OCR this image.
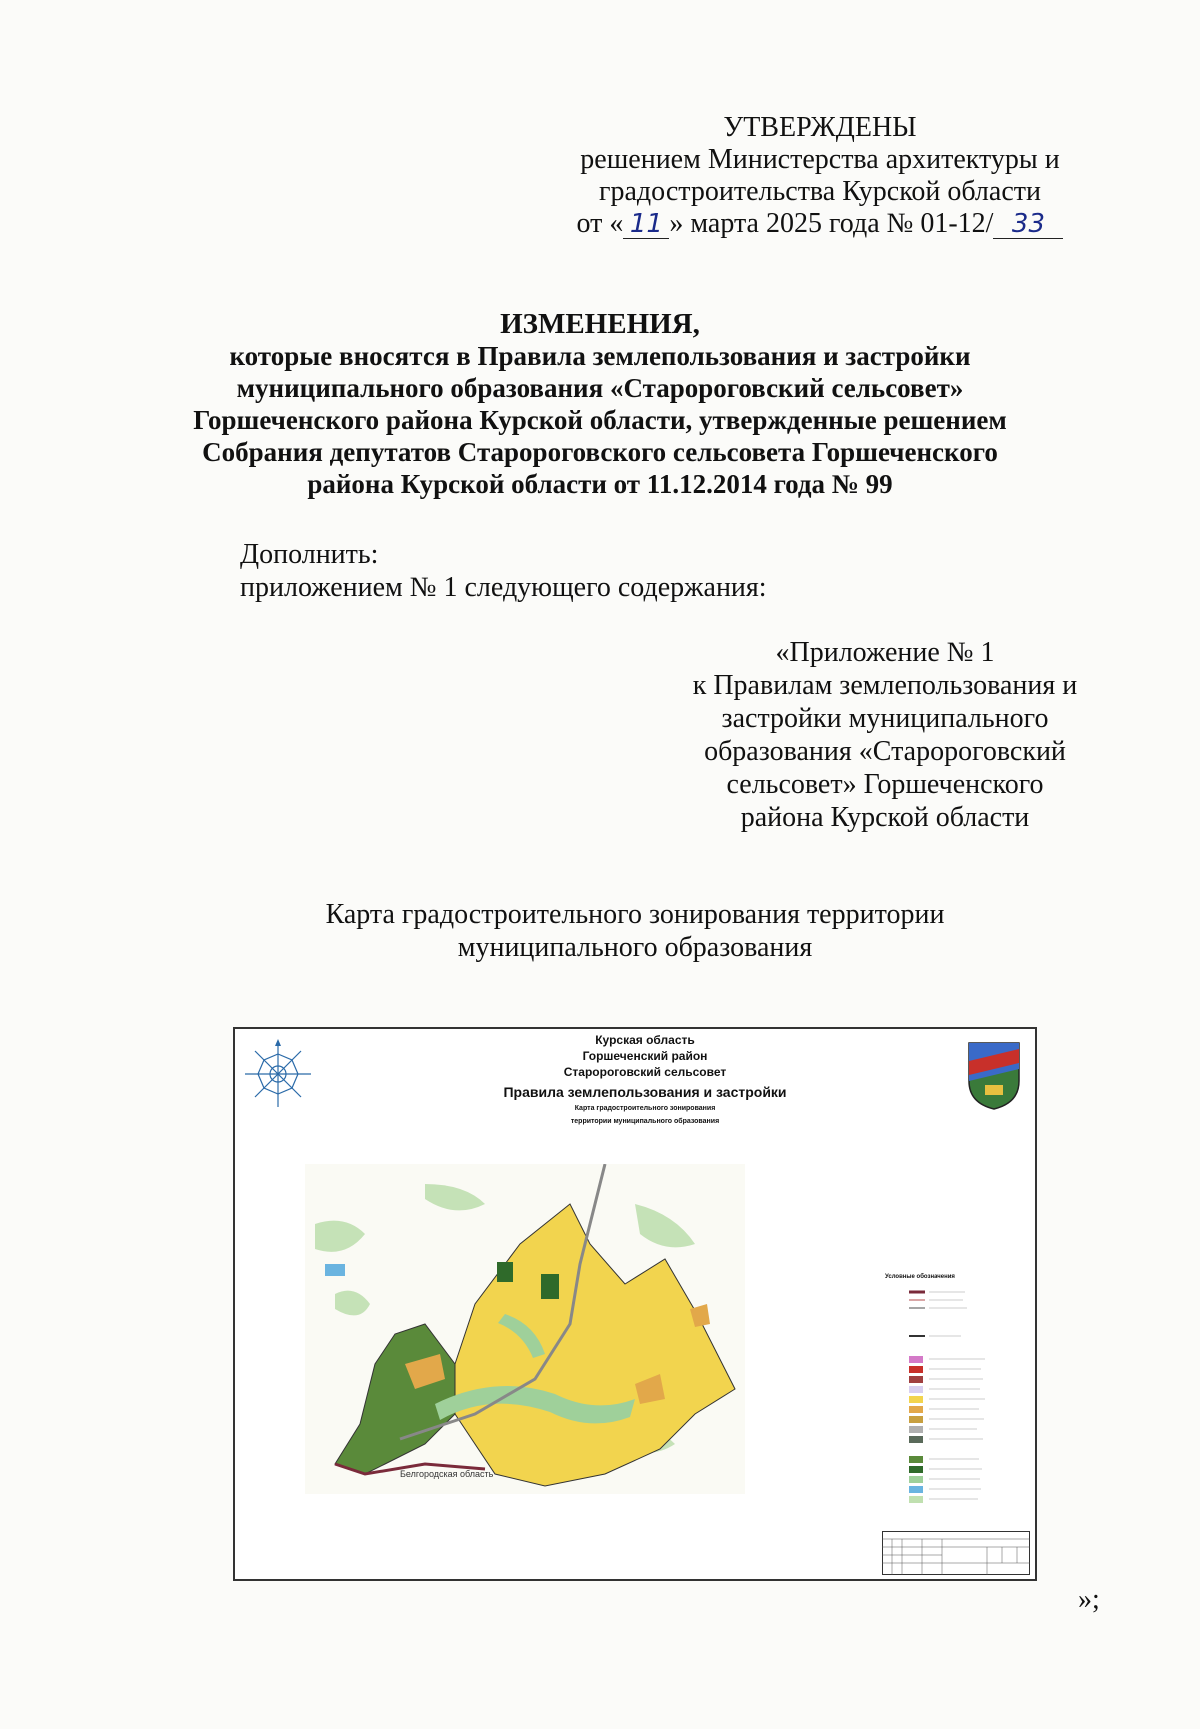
УТВЕРЖДЕНЫ
решением Министерства архитектуры и
градостроительства Курской области
от « 11 » марта 2025 года № 01-12/ 33
ИЗМЕНЕНИЯ,
которые вносятся в Правила землепользования и застройки
муниципального образования «Старороговский сельсовет»
Горшеченского района Курской области, утвержденные решением
Собрания депутатов Старороговского сельсовета Горшеченского
района Курской области от 11.12.2014 года № 99
Дополнить:
приложением № 1 следующего содержания:
«Приложение № 1
к Правилам землепользования и
застройки муниципального
образования «Старороговский
сельсовет» Горшеченского
района Курской области
Карта градостроительного зонирования территории
муниципального образования
Курская область
Горшеченский район
Старороговский сельсовет
Правила землепользования и застройки
Карта градостроительного зонирования
территории муниципального образования
Белгородская область
Условные обозначения
»;
